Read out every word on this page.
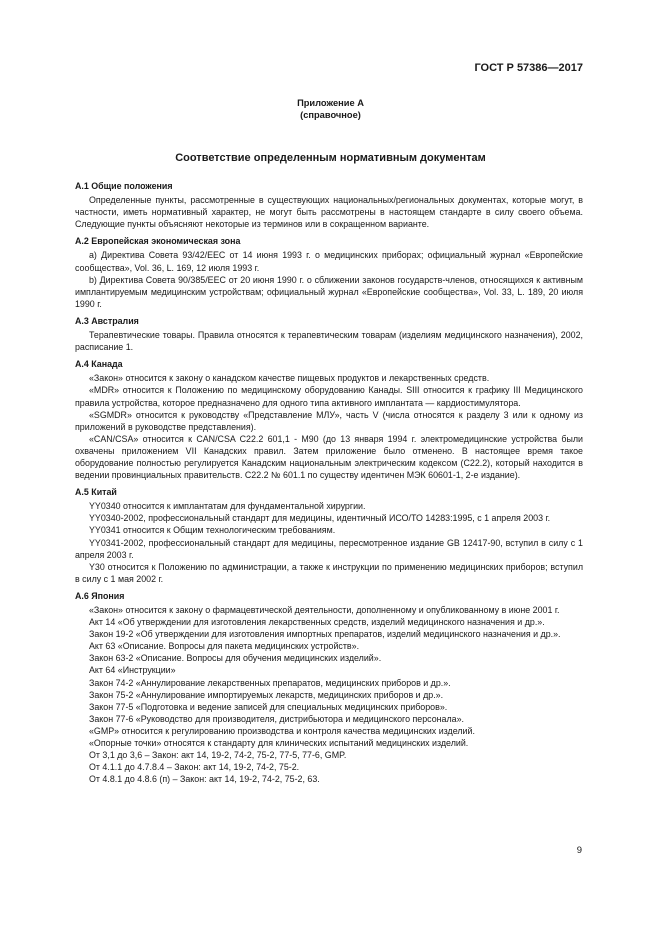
ГОСТ Р 57386—2017
Приложение А
(справочное)
Соответствие определенным нормативным документам
А.1 Общие положения
Определенные пункты, рассмотренные в существующих национальных/региональных документах, которые могут, в частности, иметь нормативный характер, не могут быть рассмотрены в настоящем стандарте в силу своего объема. Следующие пункты объясняют некоторые из терминов или в сокращенном варианте.
А.2 Европейская экономическая зона
a) Директива Совета 93/42/EEC от 14 июня 1993 г. о медицинских приборах; официальный журнал «Европейские сообщества», Vol. 36, L. 169, 12 июля 1993 г.
b) Директива Совета 90/385/EEC от 20 июня 1990 г. о сближении законов государств-членов, относящихся к активным имплантируемым медицинским устройствам; официальный журнал «Европейские сообщества», Vol. 33, L. 189, 20 июля 1990 г.
А.3 Австралия
Терапевтические товары. Правила относятся к терапевтическим товарам (изделиям медицинского назначения), 2002, расписание 1.
А.4 Канада
«Закон» относится к закону о канадском качестве пищевых продуктов и лекарственных средств.
«MDR» относится к Положению по медицинскому оборудованию Канады. SIII относится к графику III Медицинского правила устройства, которое предназначено для одного типа активного имплантата — кардиостимулятора.
«SGMDR» относится к руководству «Представление МЛУ», часть V (числа относятся к разделу 3 или к одному из приложений в руководстве представления).
«CAN/CSA» относится к CAN/CSA C22.2 601,1 - M90 (до 13 января 1994 г. электромедицинские устройства были охвачены приложением VII Канадских правил. Затем приложение было отменено. В настоящее время такое оборудование полностью регулируется Канадским национальным электрическим кодексом (C22.2), который находится в ведении провинциальных правительств. C22.2 № 601.1 по существу идентичен МЭК 60601-1, 2-е издание).
А.5 Китай
YY0340 относится к имплантатам для фундаментальной хирургии.
YY0340-2002, профессиональный стандарт для медицины, идентичный ИСО/ТО 14283:1995, с 1 апреля 2003 г.
YY0341 относится к Общим технологическим требованиям.
YY0341-2002, профессиональный стандарт для медицины, пересмотренное издание GB 12417-90, вступил в силу с 1 апреля 2003 г.
Y30 относится к Положению по администрации, а также к инструкции по применению медицинских приборов; вступил в силу с 1 мая 2002 г.
А.6 Япония
«Закон» относится к закону о фармацевтической деятельности, дополненному и опубликованному в июне 2001 г.
Акт 14 «Об утверждении для изготовления лекарственных средств, изделий медицинского назначения и др.».
Закон 19-2 «Об утверждении для изготовления импортных препаратов, изделий медицинского назначения и др.».
Акт 63 «Описание. Вопросы для пакета медицинских устройств».
Закон 63-2 «Описание. Вопросы для обучения медицинских изделий».
Акт 64 «Инструкции»
Закон 74-2 «Аннулирование лекарственных препаратов, медицинских приборов и др.».
Закон 75-2 «Аннулирование импортируемых лекарств, медицинских приборов и др.».
Закон 77-5 «Подготовка и ведение записей для специальных медицинских приборов».
Закон 77-6 «Руководство для производителя, дистрибьютора и медицинского персонала».
«GMP» относится к регулированию производства и контроля качества медицинских изделий.
«Опорные точки» относятся к стандарту для клинических испытаний медицинских изделий.
От 3,1 до 3,6 – Закон: акт 14, 19-2, 74-2, 75-2, 77-5, 77-6, GMP.
От 4.1.1 до 4.7.8.4 – Закон: акт 14, 19-2, 74-2, 75-2.
От 4.8.1 до 4.8.6 (п) – Закон: акт 14, 19-2, 74-2, 75-2, 63.
9
